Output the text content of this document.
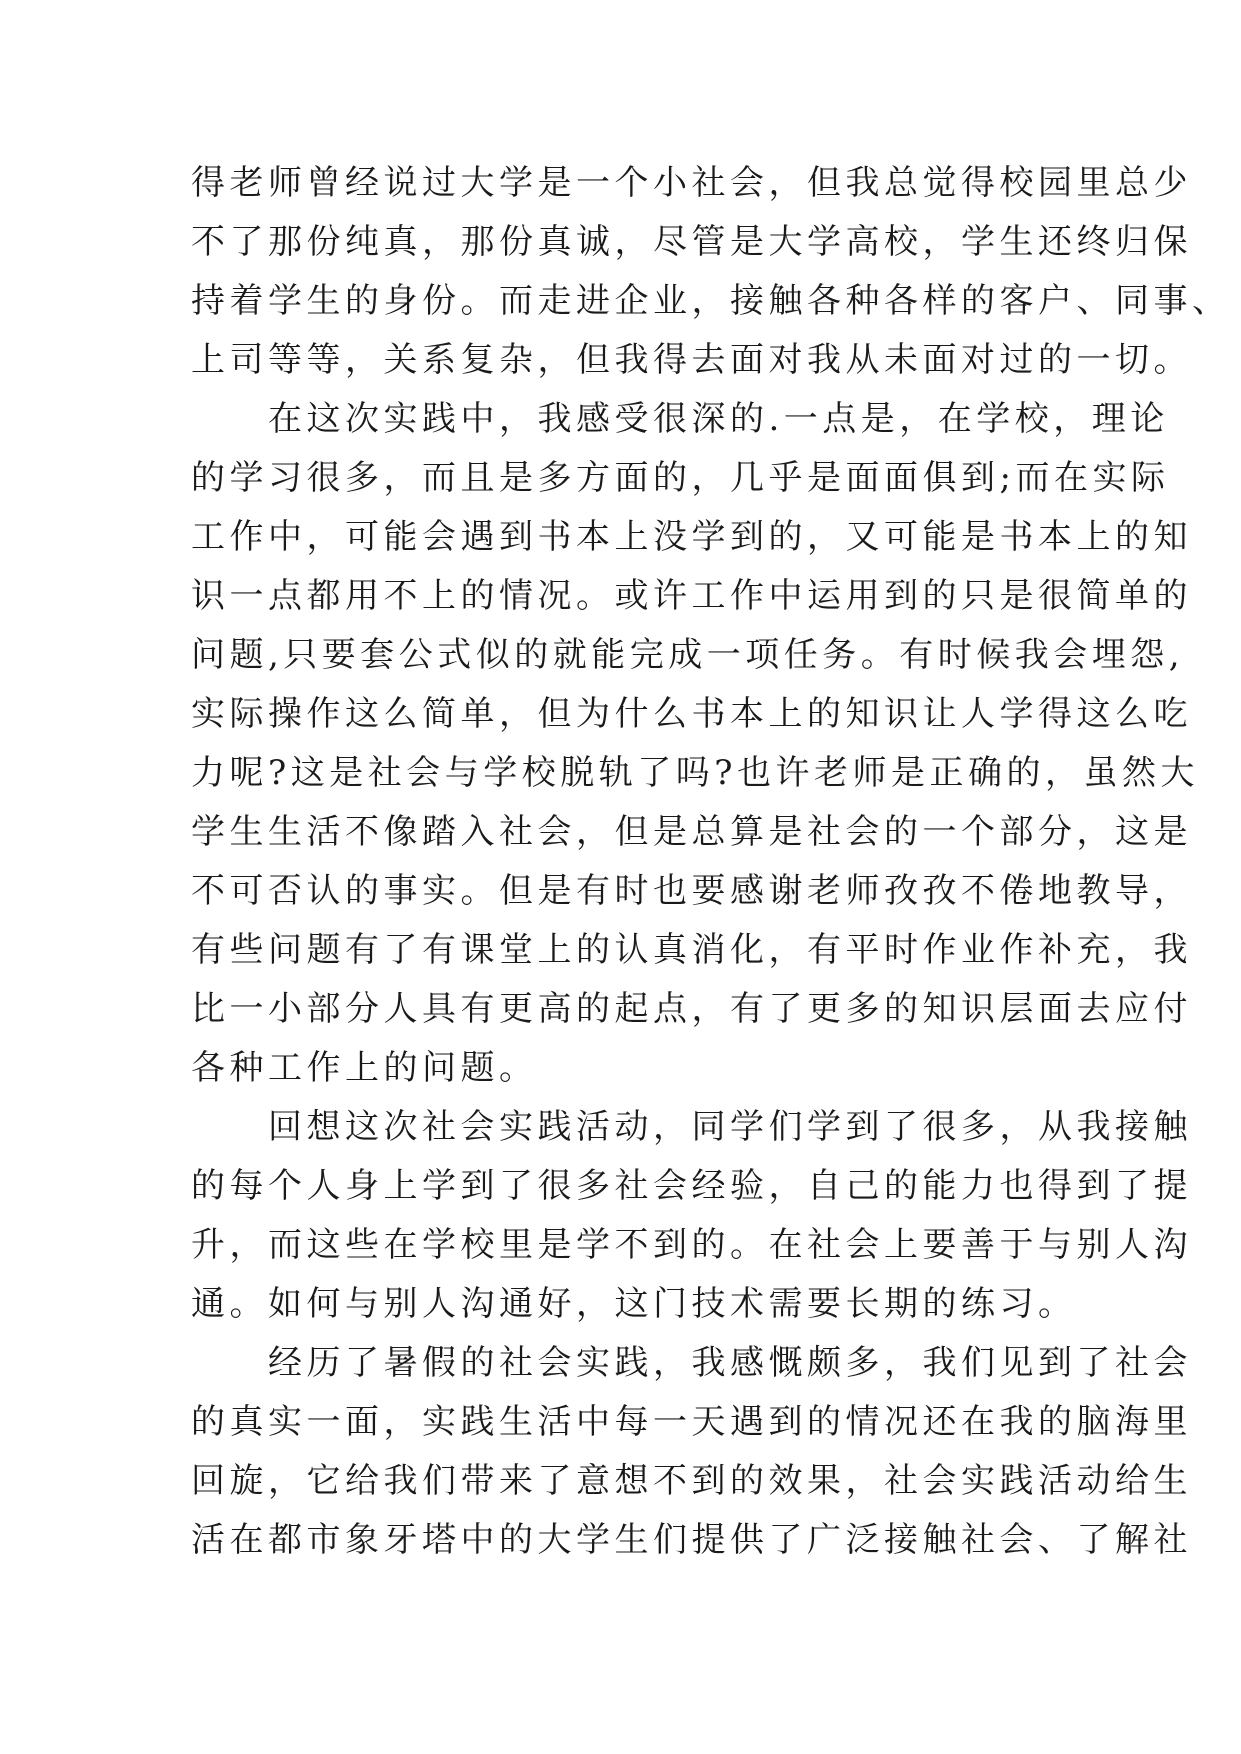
得老师曾经说过大学是一个小社会，但我总觉得校园里总少
不了那份纯真，那份真诚，尽管是大学高校，学生还终归保
持着学生的身份。而走进企业，接触各种各样的客户、同事、
上司等等，关系复杂，但我得去面对我从未面对过的一切。
　　在这次实践中，我感受很深的.一点是，在学校，理论
的学习很多，而且是多方面的，几乎是面面俱到;而在实际
工作中，可能会遇到书本上没学到的，又可能是书本上的知
识一点都用不上的情况。或许工作中运用到的只是很简单的
问题,只要套公式似的就能完成一项任务。有时候我会埋怨,
实际操作这么简单，但为什么书本上的知识让人学得这么吃
力呢?这是社会与学校脱轨了吗?也许老师是正确的，虽然大
学生生活不像踏入社会，但是总算是社会的一个部分，这是
不可否认的事实。但是有时也要感谢老师孜孜不倦地教导，
有些问题有了有课堂上的认真消化，有平时作业作补充，我
比一小部分人具有更高的起点，有了更多的知识层面去应付
各种工作上的问题。
　　回想这次社会实践活动，同学们学到了很多，从我接触
的每个人身上学到了很多社会经验，自己的能力也得到了提
升，而这些在学校里是学不到的。在社会上要善于与别人沟
通。如何与别人沟通好，这门技术需要长期的练习。
　　经历了暑假的社会实践，我感慨颇多，我们见到了社会
的真实一面，实践生活中每一天遇到的情况还在我的脑海里
回旋，它给我们带来了意想不到的效果，社会实践活动给生
活在都市象牙塔中的大学生们提供了广泛接触社会、了解社
